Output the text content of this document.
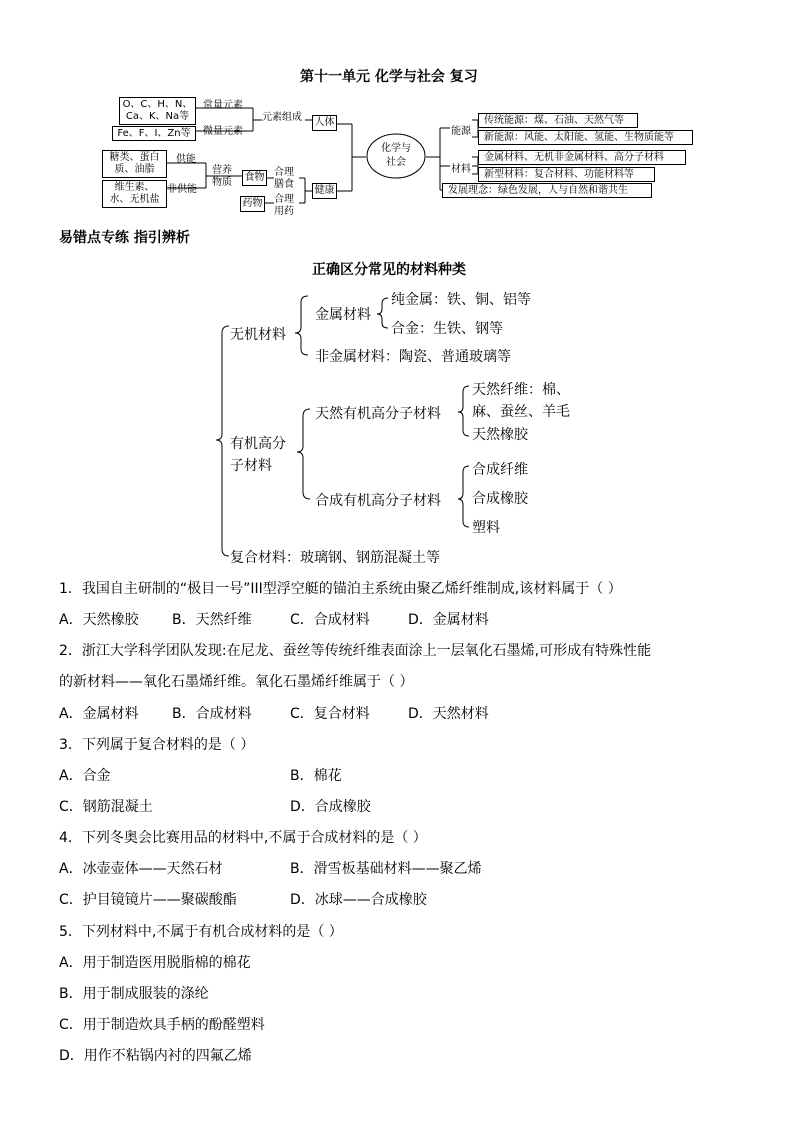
第十一单元 化学与社会 复习
O、C、H、N、
Ca、K、Na等
常量元素
Fe、F、I、Zn等 微量元素
元素组成 人体
糖类、蛋白
质、油脂
供能
维生素、
水、无机盐
非供能
营养
物质 食物
药物
合理
膳食
合理
用药
健康
化学与社会
能源
传统能源：煤、石油、天然气等
新能源：风能、太阳能、氢能、生物质能等
材料
金属材料、无机非金属材料、高分子材料
新型材料：复合材料、功能材料等
发展理念：绿色发展，人与自然和谐共生
易错点专练 指引辨析
正确区分常见的材料种类
无机材料
金属材料
纯金属：铁、铜、铝等
合金：生铁、钢等
非金属材料：陶瓷、普通玻璃等
有机高分
子材料
天然有机高分子材料
天然纤维：棉、
麻、蚕丝、羊毛
天然橡胶
合成有机高分子材料
合成纤维
合成橡胶
塑料
复合材料：玻璃钢、钢筋混凝土等
1．我国自主研制的“极目一号”III型浮空艇的锚泊主系统由聚乙烯纤维制成,该材料属于（ ）
A．天然橡胶 B．天然纤维	C．合成材料	D．金属材料
2．浙江大学科学团队发现:在尼龙、蚕丝等传统纤维表面涂上一层氧化石墨烯,可形成有特殊性能
的新材料——氧化石墨烯纤维。氧化石墨烯纤维属于（ ）
A．金属材料 B．合成材料	C．复合材料	D．天然材料
3．下列属于复合材料的是（ ）
A．合金	B．棉花
C．钢筋混凝土	D．合成橡胶
4．下列冬奥会比赛用品的材料中,不属于合成材料的是（ ）
A．冰壶壶体——天然石材	B．滑雪板基础材料——聚乙烯
C．护目镜镜片——聚碳酸酯	D．冰球——合成橡胶
5．下列材料中,不属于有机合成材料的是（ ）
A．用于制造医用脱脂棉的棉花
B．用于制成服装的涤纶
C．用于制造炊具手柄的酚醛塑料
D．用作不粘锅内衬的四氟乙烯
